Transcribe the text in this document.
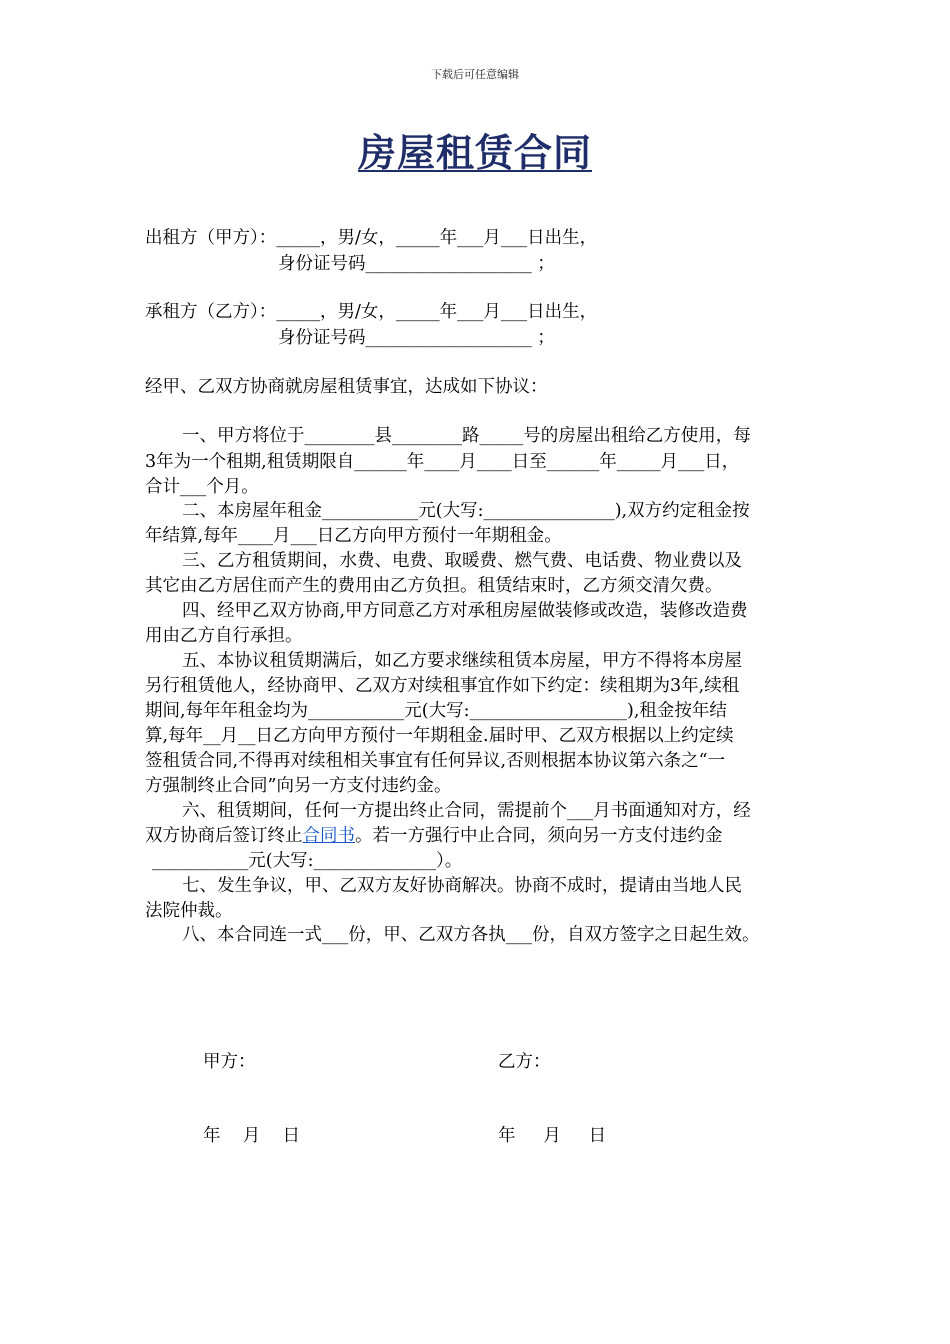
下载后可任意编辑
房屋租赁合同
出租方（甲方）：_____，男/女，_____年___月___日出生，
身份证号码___________________ ；
承租方（乙方）：_____，男/女，_____年___月___日出生，
身份证号码___________________ ；
经甲、乙双方协商就房屋租赁事宜，达成如下协议：
一、甲方将位于________县________路_____号的房屋出租给乙方使用，每
3年为一个租期,租赁期限自______年____月____日至______年_____月___日，
合计___个月。
二、本房屋年租金___________元(大写:_______________),双方约定租金按
年结算,每年____月___日乙方向甲方预付一年期租金。
三、乙方租赁期间，水费、电费、取暖费、燃气费、电话费、物业费以及
其它由乙方居住而产生的费用由乙方负担。租赁结束时，乙方须交清欠费。
四、经甲乙双方协商,甲方同意乙方对承租房屋做装修或改造，装修改造费
用由乙方自行承担。
五、本协议租赁期满后，如乙方要求继续租赁本房屋，甲方不得将本房屋
另行租赁他人，经协商甲、乙双方对续租事宜作如下约定：续租期为3年,续租
期间,每年年租金均为___________元(大写:__________________),租金按年结
算,每年__月__日乙方向甲方预付一年期租金.届时甲、乙双方根据以上约定续
签租赁合同,不得再对续租相关事宜有任何异议,否则根据本协议第六条之“一
方强制终止合同”向另一方支付违约金。
六、租赁期间，任何一方提出终止合同，需提前个___月书面通知对方，经
双方协商后签订终止合同书。若一方强行中止合同，须向另一方支付违约金
___________元(大写:______________）。
七、发生争议，甲、乙双方友好协商解决。协商不成时，提请由当地人民
法院仲裁。
八、本合同连一式___份，甲、乙双方各执___份，自双方签字之日起生效。
甲方：	乙方：
年    月    日	年     月     日
